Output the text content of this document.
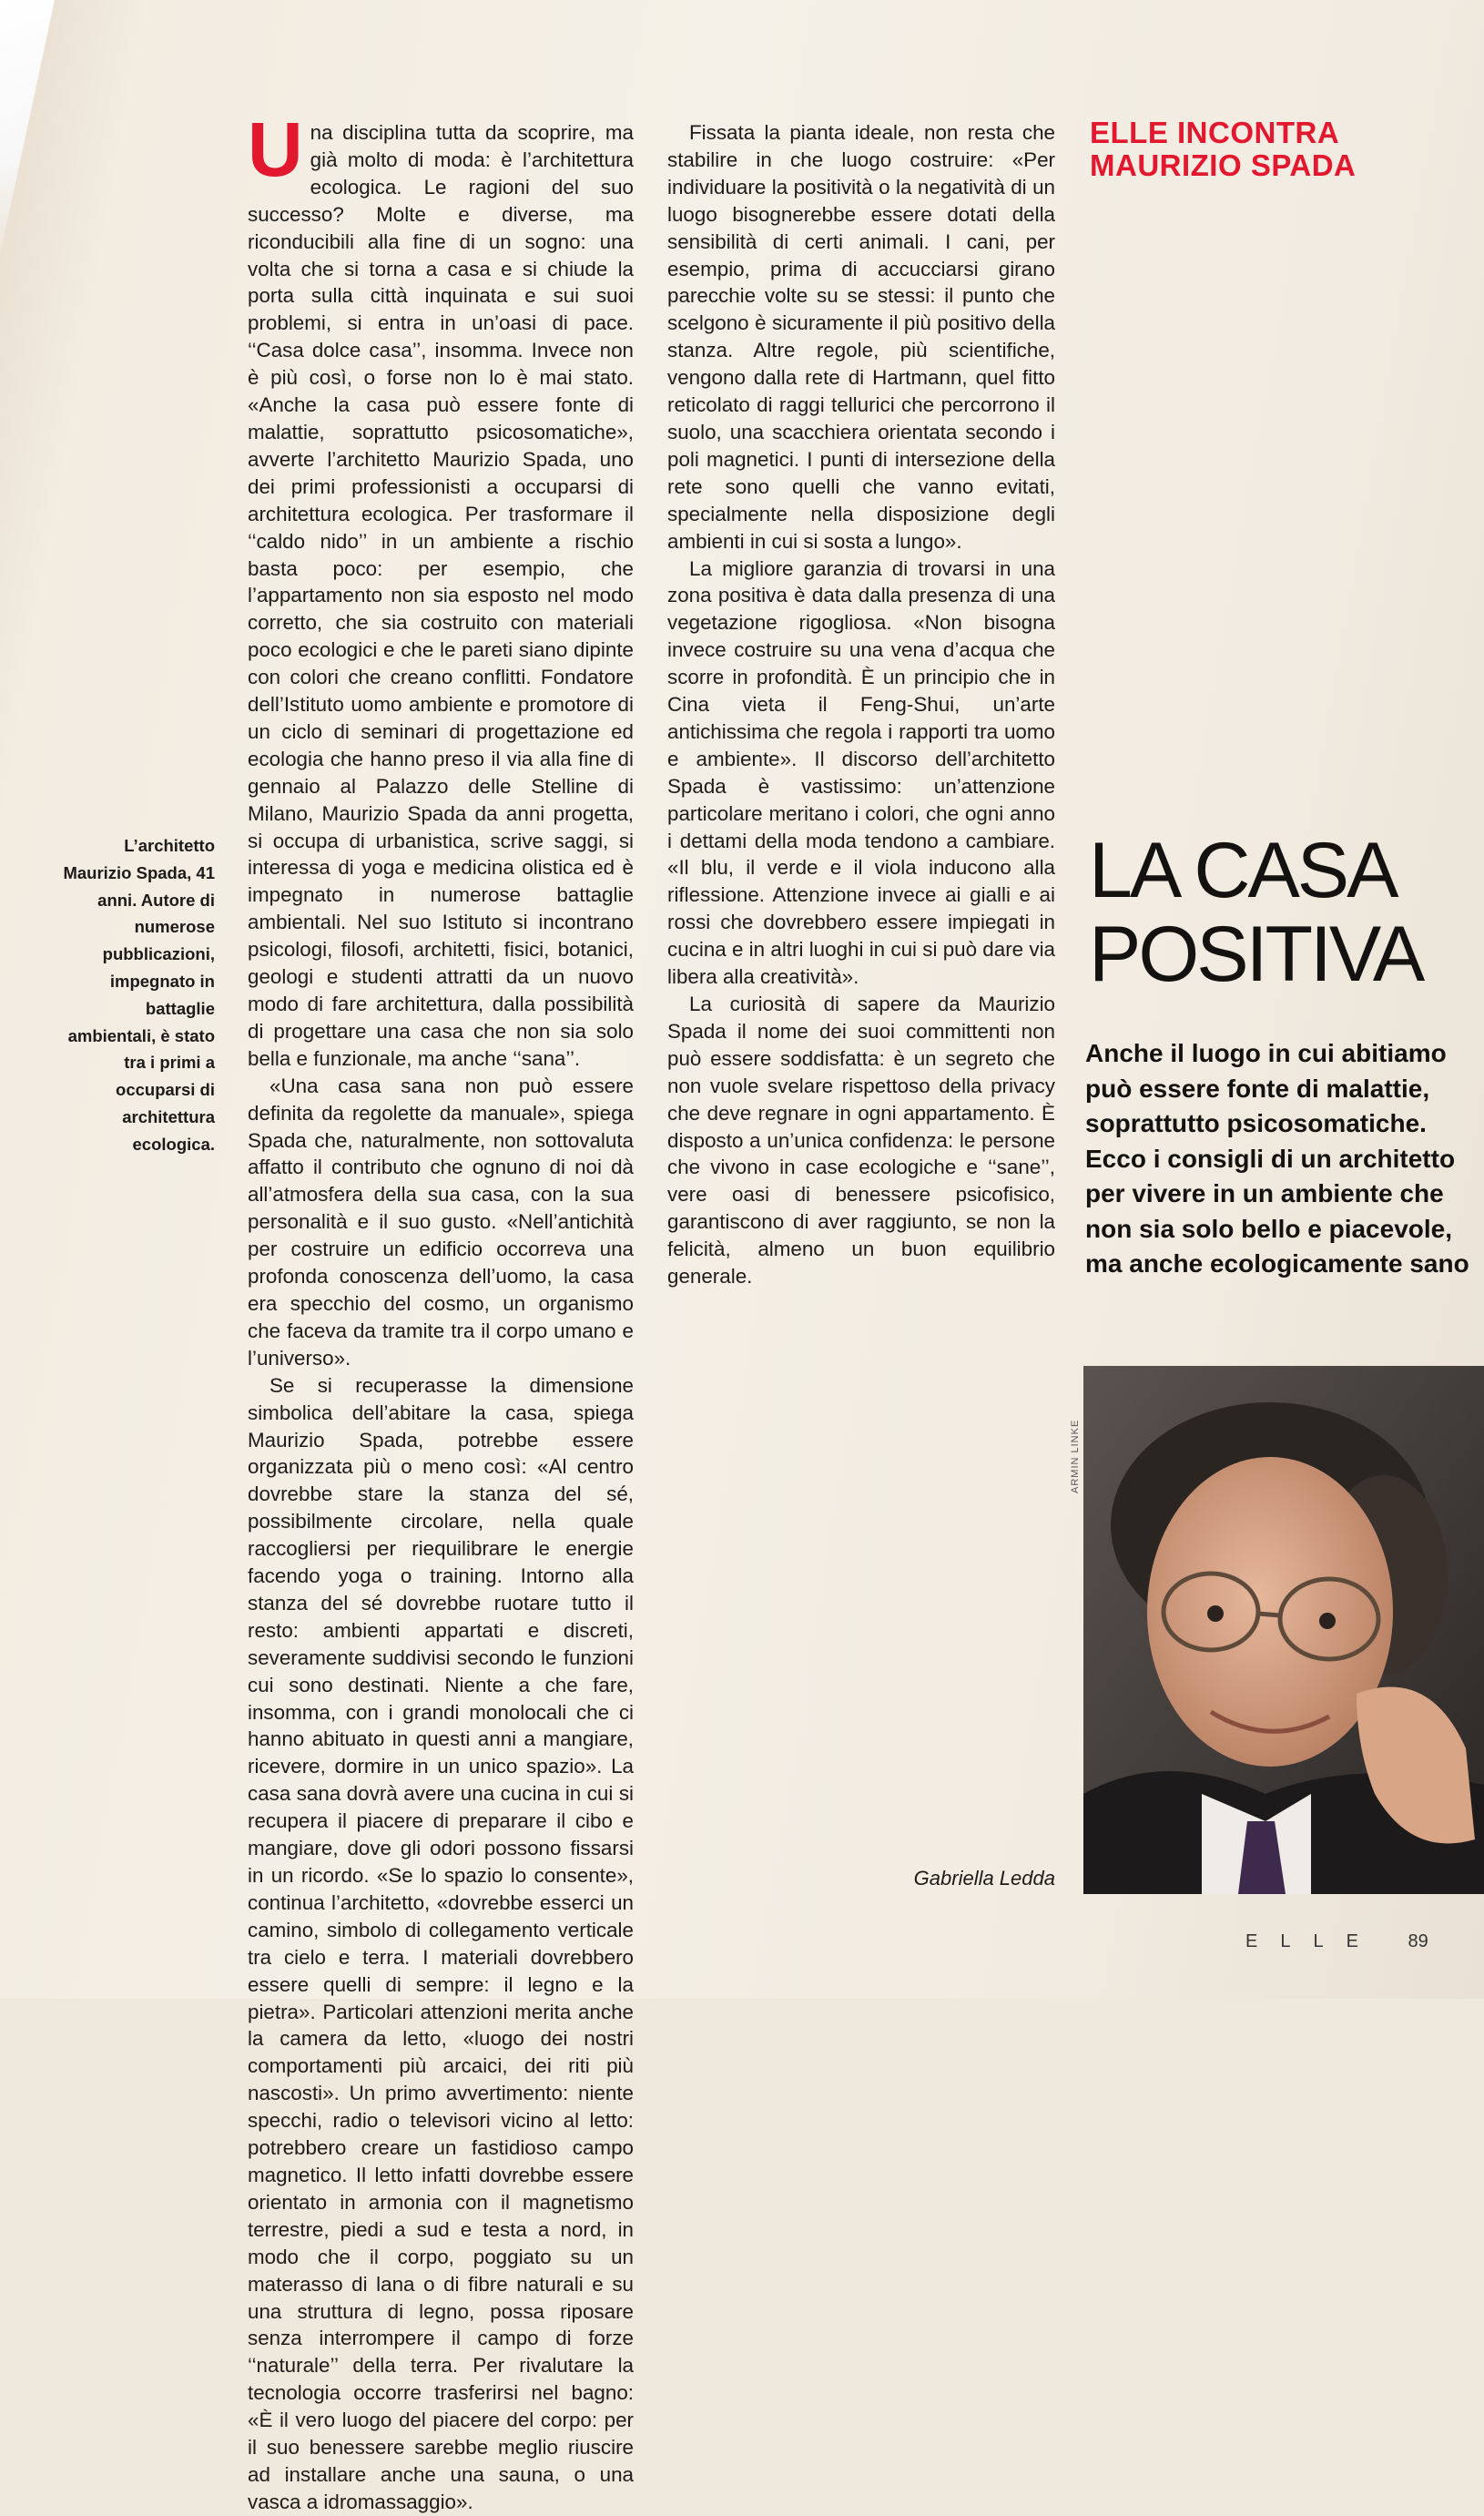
ELLE INCONTRA
MAURIZIO SPADA

L’architetto Maurizio Spada, 41 anni. Autore di numerose pubblicazioni, impegnato in battaglie ambientali, è stato tra i primi a occuparsi di architettura ecologica.

U na disciplina tutta da scoprire, ma già molto di moda: è l’architettura ecologica. Le ragioni del suo successo? Molte e diverse, ma riconducibili alla fine di un sogno: una volta che si torna a casa e si chiude la porta sulla città inquinata e sui suoi problemi, si entra in un’oasi di pace. ‘‘Casa dolce casa’’, insomma. Invece non è più così, o forse non lo è mai stato. «Anche la casa può essere fonte di malattie, soprattutto psicosomatiche», avverte l’architetto Maurizio Spada, uno dei primi professionisti a occuparsi di architettura ecologica. Per trasformare il ‘‘caldo nido’’ in un ambiente a rischio basta poco: per esempio, che l’appartamento non sia esposto nel modo corretto, che sia costruito con materiali poco ecologici e che le pareti siano dipinte con colori che creano conflitti. Fondatore dell’Istituto uomo ambiente e promotore di un ciclo di seminari di progettazione ed ecologia che hanno preso il via alla fine di gennaio al Palazzo delle Stelline di Milano, Maurizio Spada da anni progetta, si occupa di urbanistica, scrive saggi, si interessa di yoga e medicina olistica ed è impegnato in numerose battaglie ambientali. Nel suo Istituto si incontrano psicologi, filosofi, architetti, fisici, botanici, geologi e studenti attratti da un nuovo modo di fare architettura, dalla possibilità di progettare una casa che non sia solo bella e funzionale, ma anche ‘‘sana’’.

«Una casa sana non può essere definita da regolette da manuale», spiega Spada che, naturalmente, non sottovaluta affatto il contributo che ognuno di noi dà all’atmosfera della sua casa, con la sua personalità e il suo gusto. «Nell’antichità per costruire un edificio occorreva una profonda conoscenza dell’uomo, la casa era specchio del cosmo, un organismo che faceva da tramite tra il corpo umano e l’universo».

Se si recuperasse la dimensione simbolica dell’abitare la casa, spiega Maurizio Spada, potrebbe essere organizzata più o meno così: «Al centro dovrebbe stare la stanza del sé, possibilmente circolare, nella quale raccogliersi per riequilibrare le energie facendo yoga o training. Intorno alla stanza del sé dovrebbe ruotare tutto il resto: ambienti appartati e discreti, severamente suddivisi secondo le funzioni cui sono destinati. Niente a che fare, insomma, con i grandi monolocali che ci hanno abituato in questi anni a mangiare, ricevere, dormire in un unico spazio». La casa sana dovrà avere una cucina in cui si recupera il piacere di preparare il cibo e mangiare, dove gli odori possono fissarsi in un ricordo. «Se lo spazio lo consente», continua l’architetto, «dovrebbe esserci un camino, simbolo di collegamento verticale tra cielo e terra. I materiali dovrebbero essere quelli di sempre: il legno e la pietra». Particolari attenzioni merita anche la camera da letto, «luogo dei nostri comportamenti più arcaici, dei riti più nascosti». Un primo avvertimento: niente specchi, radio o televisori vicino al letto: potrebbero creare un fastidioso campo magnetico. Il letto infatti dovrebbe essere orientato in armonia con il magnetismo terrestre, piedi a sud e testa a nord, in modo che il corpo, poggiato su un materasso di lana o di fibre naturali e su una struttura di legno, possa riposare senza interrompere il campo di forze ‘‘naturale’’ della terra. Per rivalutare la tecnologia occorre trasferirsi nel bagno: «È il vero luogo del piacere del corpo: per il suo benessere sarebbe meglio riuscire ad installare anche una sauna, o una vasca a idromassaggio».

Fissata la pianta ideale, non resta che stabilire in che luogo costruire: «Per individuare la positività o la negatività di un luogo bisognerebbe essere dotati della sensibilità di certi animali. I cani, per esempio, prima di accucciarsi girano parecchie volte su se stessi: il punto che scelgono è sicuramente il più positivo della stanza. Altre regole, più scientifiche, vengono dalla rete di Hartmann, quel fitto reticolato di raggi tellurici che percorrono il suolo, una scacchiera orientata secondo i poli magnetici. I punti di intersezione della rete sono quelli che vanno evitati, specialmente nella disposizione degli ambienti in cui si sosta a lungo».

La migliore garanzia di trovarsi in una zona positiva è data dalla presenza di una vegetazione rigogliosa. «Non bisogna invece costruire su una vena d’acqua che scorre in profondità. È un principio che in Cina vieta il Feng-Shui, un’arte antichissima che regola i rapporti tra uomo e ambiente». Il discorso dell’architetto Spada è vastissimo: un’attenzione particolare meritano i colori, che ogni anno i dettami della moda tendono a cambiare. «Il blu, il verde e il viola inducono alla riflessione. Attenzione invece ai gialli e ai rossi che dovrebbero essere impiegati in cucina e in altri luoghi in cui si può dare via libera alla creatività».

La curiosità di sapere da Maurizio Spada il nome dei suoi committenti non può essere soddisfatta: è un segreto che non vuole svelare rispettoso della privacy che deve regnare in ogni appartamento. È disposto a un’unica confidenza: le persone che vivono in case ecologiche e ‘‘sane’’, vere oasi di benessere psicofisico, garantiscono di aver raggiunto, se non la felicità, almeno un buon equilibrio generale.

Gabriella Ledda
LA CASA
POSITIVA

Anche il luogo in cui abitiamo può essere fonte di malattie, soprattutto psicosomatiche. Ecco i consigli di un architetto per vivere in un ambiente che non sia solo bello e piacevole, ma anche ecologicamente sano

ARMIN LINKE
ELLE 89
